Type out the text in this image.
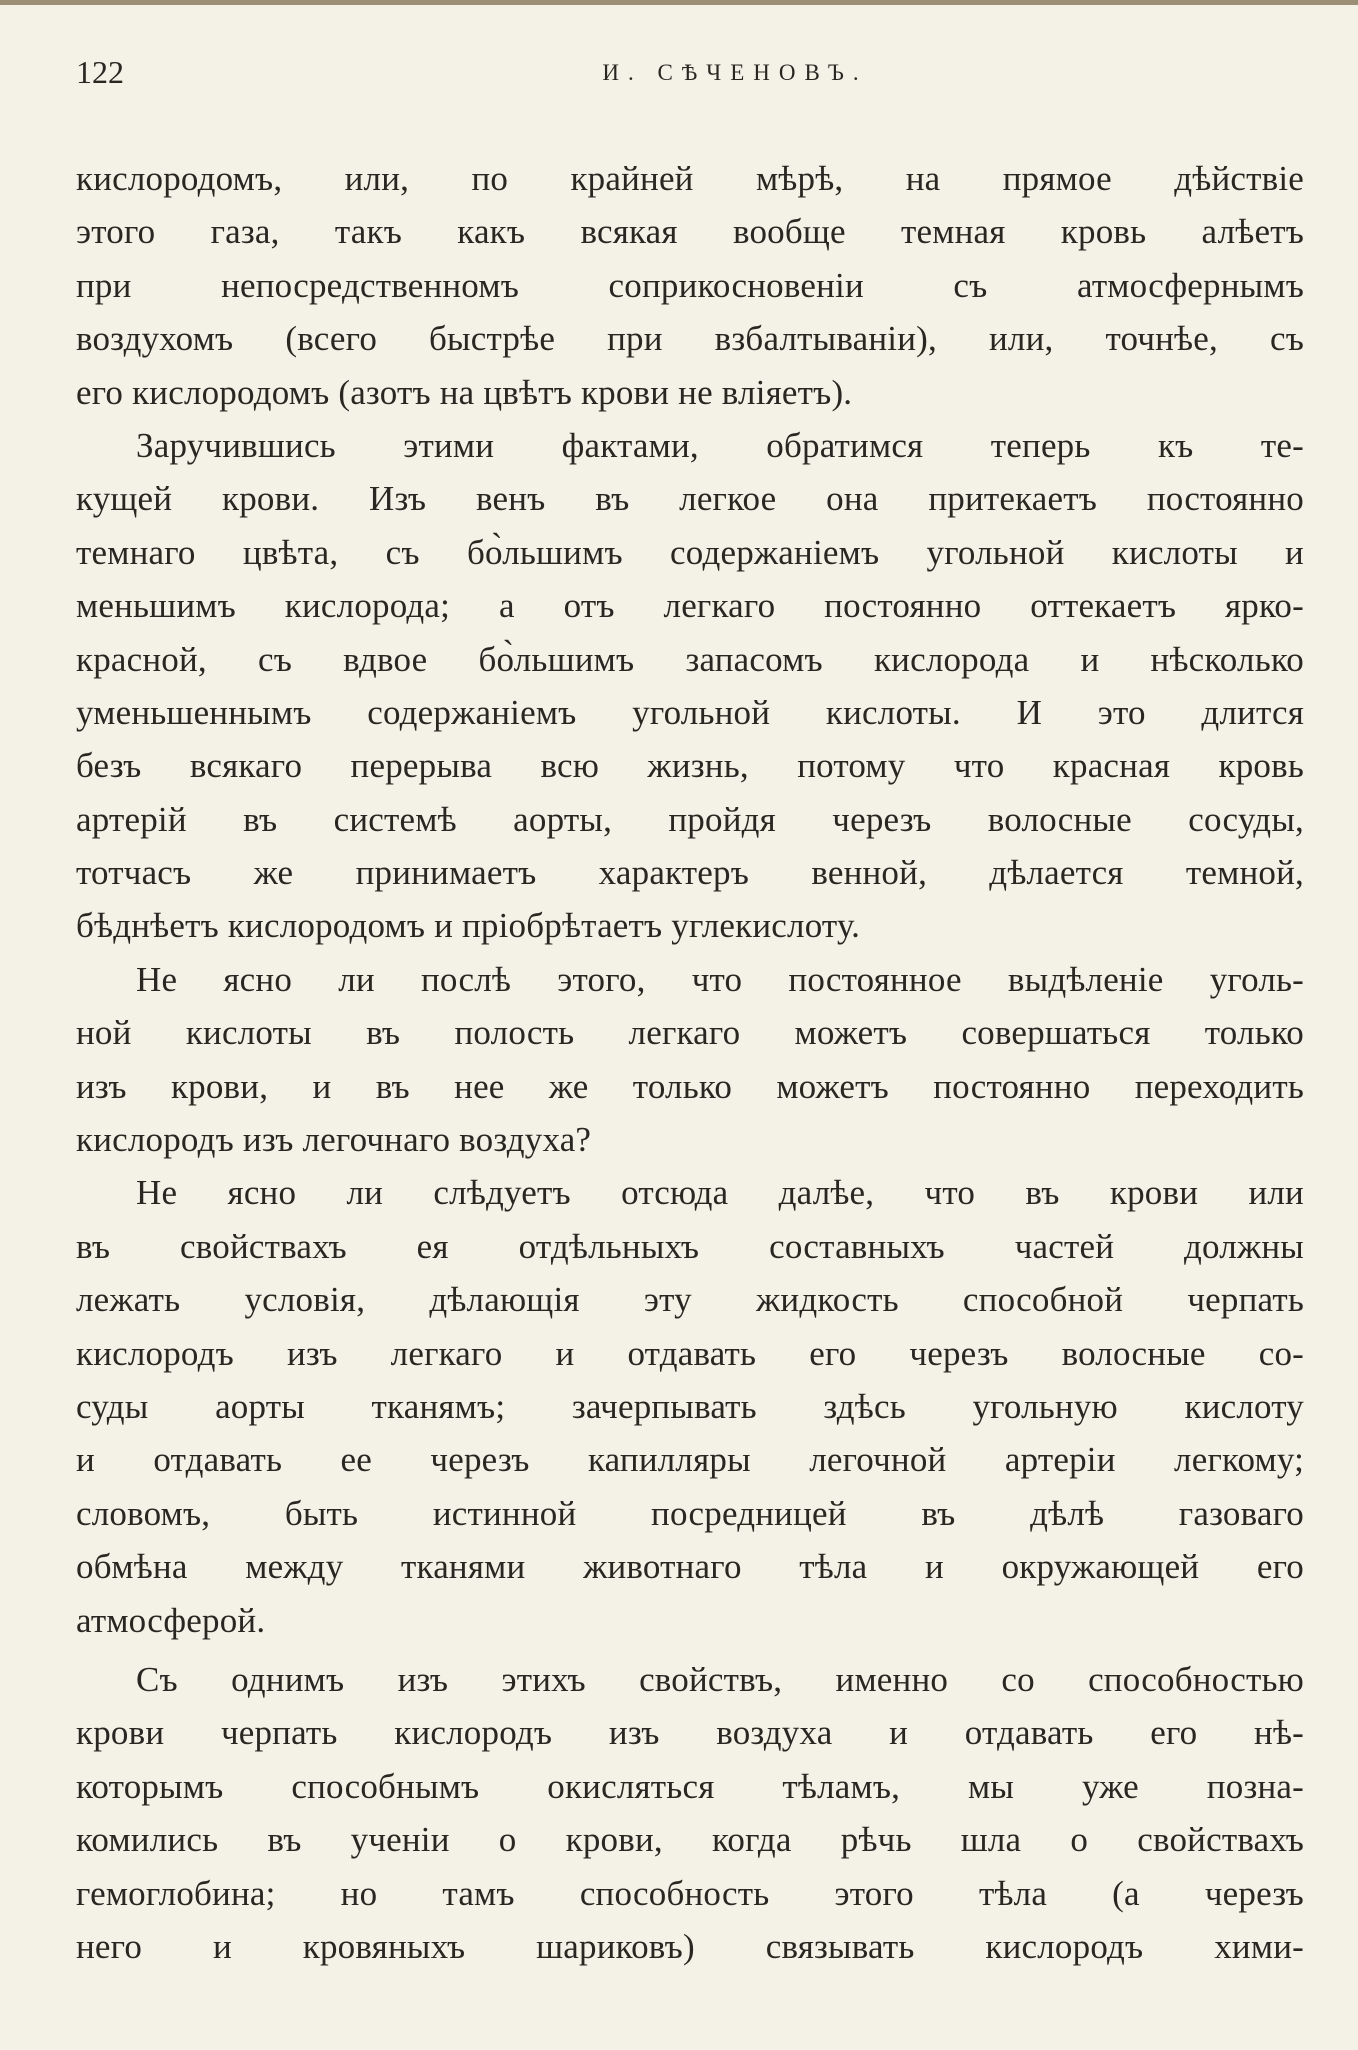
122	И. СѢЧЕНОВЪ.
кислородомъ, или, по крайней мѣрѣ, на прямое дѣйствіе
этого газа, такъ какъ всякая вообще темная кровь алѣетъ
при непосредственномъ соприкосновеніи съ атмосфернымъ
воздухомъ (всего быстрѣе при взбалтываніи), или, точнѣе, съ
его кислородомъ (азотъ на цвѣтъ крови не вліяетъ).
Заручившись этими фактами, обратимся теперь къ те-
кущей крови. Изъ венъ въ легкое она притекаетъ постоянно
темнаго цвѣта, съ бо̀льшимъ содержаніемъ угольной кислоты и
меньшимъ кислорода; а отъ легкаго постоянно оттекаетъ ярко-
красной, съ вдвое бо̀льшимъ запасомъ кислорода и нѣсколько
уменьшеннымъ содержаніемъ угольной кислоты. И это длится
безъ всякаго перерыва всю жизнь, потому что красная кровь
артерій въ системѣ аорты, пройдя черезъ волосные сосуды,
тотчасъ же принимаетъ характеръ венной, дѣлается темной,
бѣднѣетъ кислородомъ и пріобрѣтаетъ углекислоту.
Не ясно ли послѣ этого, что постоянное выдѣленіе уголь-
ной кислоты въ полость легкаго можетъ совершаться только
изъ крови, и въ нее же только можетъ постоянно переходить
кислородъ изъ легочнаго воздуха?
Не ясно ли слѣдуетъ отсюда далѣе, что въ крови или
въ свойствахъ ея отдѣльныхъ составныхъ частей должны
лежать условія, дѣлающія эту жидкость способной черпать
кислородъ изъ легкаго и отдавать его черезъ волосные со-
суды аорты тканямъ; зачерпывать здѣсь угольную кислоту
и отдавать ее черезъ капилляры легочной артеріи легкому;
словомъ, быть истинной посредницей въ дѣлѣ газоваго
обмѣна между тканями животнаго тѣла и окружающей его
атмосферой.
Съ однимъ изъ этихъ свойствъ, именно со способностью
крови черпать кислородъ изъ воздуха и отдавать его нѣ-
которымъ способнымъ окисляться тѣламъ, мы уже позна-
комились въ ученіи о крови, когда рѣчь шла о свойствахъ
гемоглобина; но тамъ способность этого тѣла (а черезъ
него и кровяныхъ шариковъ) связывать кислородъ хими-
